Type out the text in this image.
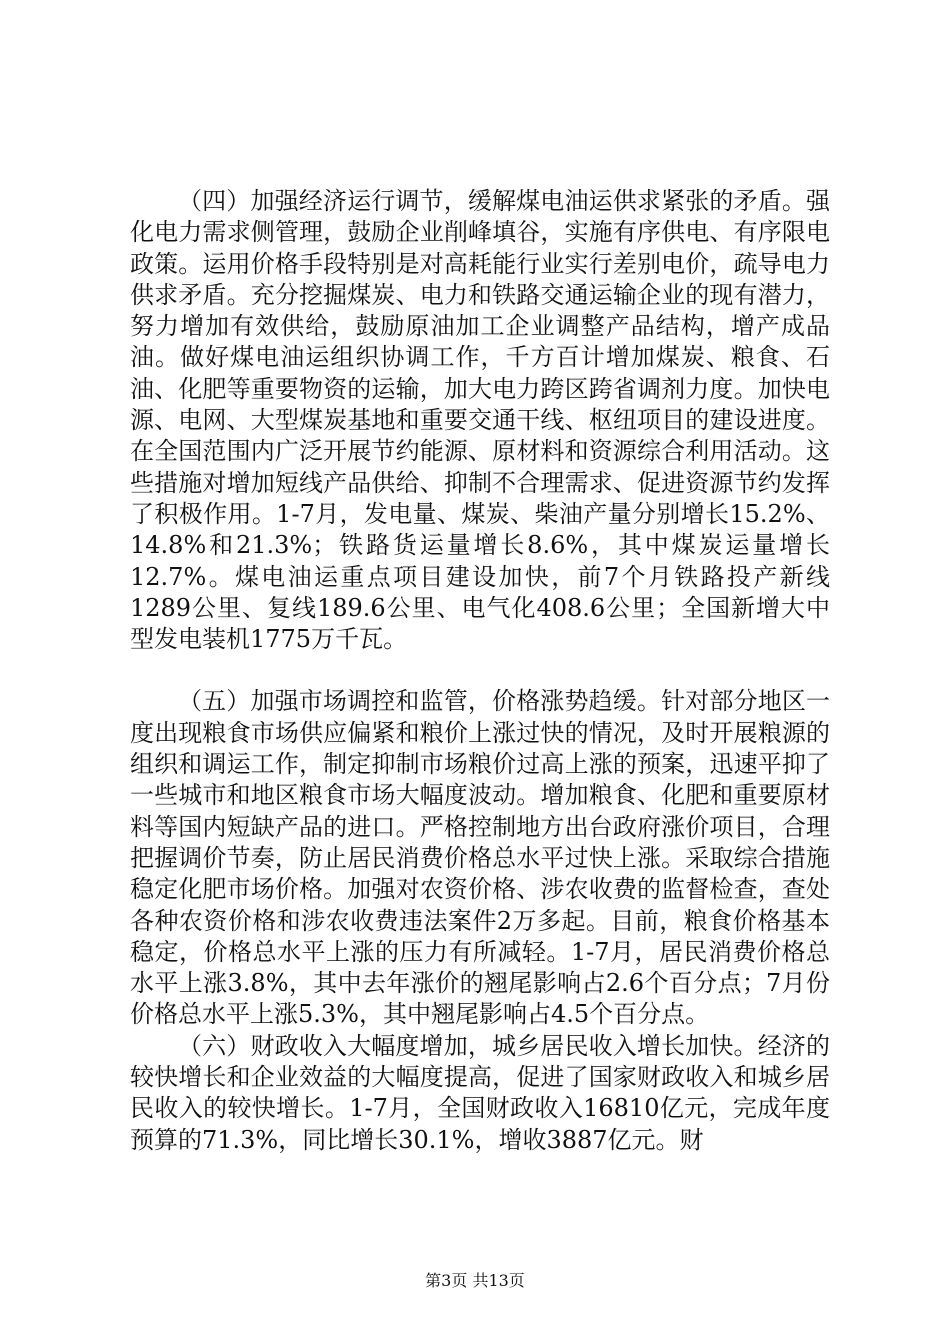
（四）加强经济运行调节，缓解煤电油运供求紧张的矛盾。强化电力需求侧管理，鼓励企业削峰填谷，实施有序供电、有序限电政策。运用价格手段特别是对高耗能行业实行差别电价，疏导电力供求矛盾。充分挖掘煤炭、电力和铁路交通运输企业的现有潜力，努力增加有效供给，鼓励原油加工企业调整产品结构，增产成品油。做好煤电油运组织协调工作，千方百计增加煤炭、粮食、石油、化肥等重要物资的运输，加大电力跨区跨省调剂力度。加快电源、电网、大型煤炭基地和重要交通干线、枢纽项目的建设进度。在全国范围内广泛开展节约能源、原材料和资源综合利用活动。这些措施对增加短线产品供给、抑制不合理需求、促进资源节约发挥了积极作用。1-7月，发电量、煤炭、柴油产量分别增长15.2%、14.8%和21.3%；铁路货运量增长8.6%，其中煤炭运量增长12.7%。煤电油运重点项目建设加快，前7个月铁路投产新线1289公里、复线189.6公里、电气化408.6公里；全国新增大中型发电装机1775万千瓦。

（五）加强市场调控和监管，价格涨势趋缓。针对部分地区一度出现粮食市场供应偏紧和粮价上涨过快的情况，及时开展粮源的组织和调运工作，制定抑制市场粮价过高上涨的预案，迅速平抑了一些城市和地区粮食市场大幅度波动。增加粮食、化肥和重要原材料等国内短缺产品的进口。严格控制地方出台政府涨价项目，合理把握调价节奏，防止居民消费价格总水平过快上涨。采取综合措施稳定化肥市场价格。加强对农资价格、涉农收费的监督检查，查处各种农资价格和涉农收费违法案件2万多起。目前，粮食价格基本稳定，价格总水平上涨的压力有所减轻。1-7月，居民消费价格总水平上涨3.8%，其中去年涨价的翘尾影响占2.6个百分点；7月份价格总水平上涨5.3%，其中翘尾影响占4.5个百分点。

（六）财政收入大幅度增加，城乡居民收入增长加快。经济的较快增长和企业效益的大幅度提高，促进了国家财政收入和城乡居民收入的较快增长。1-7月，全国财政收入16810亿元，完成年度预算的71.3%，同比增长30.1%，增收3887亿元。财

第3页 共13页
